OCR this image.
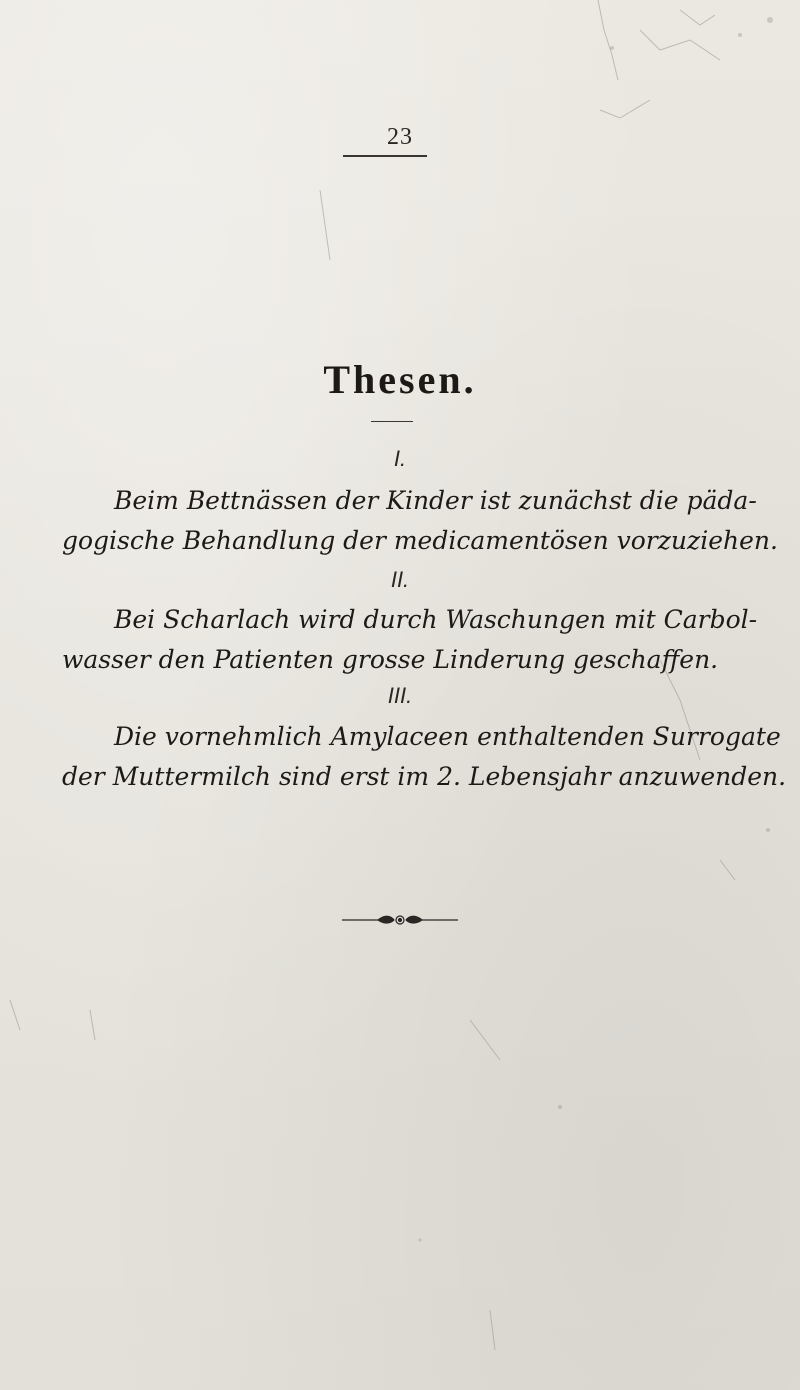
23
Thesen.
I.
Beim Bettnässen der Kinder ist zunächst die päda-
gogische Behandlung der medicamentösen vorzuziehen.
II.
Bei Scharlach wird durch Waschungen mit Carbol-
wasser den Patienten grosse Linderung geschaffen.
III.
Die vornehmlich Amylaceen enthaltenden Surrogate
der Muttermilch sind erst im 2. Lebensjahr anzuwenden.
